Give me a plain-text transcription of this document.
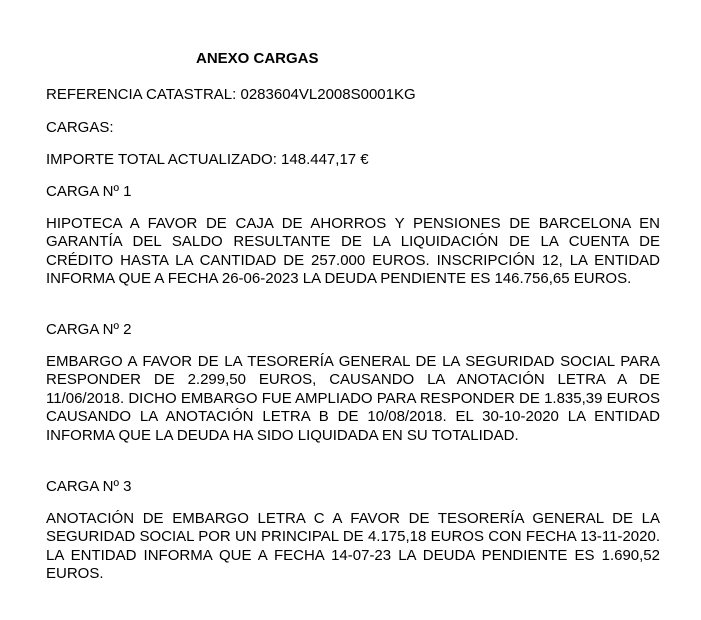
ANEXO CARGAS
REFERENCIA CATASTRAL: 0283604VL2008S0001KG
CARGAS:
IMPORTE TOTAL ACTUALIZADO: 148.447,17 €
CARGA Nº 1
HIPOTECA A FAVOR DE CAJA DE AHORROS Y PENSIONES DE BARCELONA EN GARANTÍA DEL SALDO RESULTANTE DE LA LIQUIDACIÓN DE LA CUENTA DE CRÉDITO HASTA LA CANTIDAD DE 257.000 EUROS. INSCRIPCIÓN 12, LA ENTIDAD INFORMA QUE A FECHA 26-06-2023 LA DEUDA PENDIENTE ES 146.756,65 EUROS.
CARGA Nº 2
EMBARGO A FAVOR DE LA TESORERÍA GENERAL DE LA SEGURIDAD SOCIAL PARA RESPONDER DE 2.299,50 EUROS, CAUSANDO LA ANOTACIÓN LETRA A DE 11/06/2018. DICHO EMBARGO FUE AMPLIADO PARA RESPONDER DE 1.835,39 EUROS CAUSANDO LA ANOTACIÓN LETRA B DE 10/08/2018. EL 30-10-2020 LA ENTIDAD INFORMA QUE LA DEUDA HA SIDO LIQUIDADA EN SU TOTALIDAD.
CARGA Nº 3
ANOTACIÓN DE EMBARGO LETRA C A FAVOR DE TESORERÍA GENERAL DE LA SEGURIDAD SOCIAL POR UN PRINCIPAL DE 4.175,18 EUROS CON FECHA 13-11-2020. LA ENTIDAD INFORMA QUE A FECHA 14-07-23 LA DEUDA PENDIENTE ES 1.690,52 EUROS.
